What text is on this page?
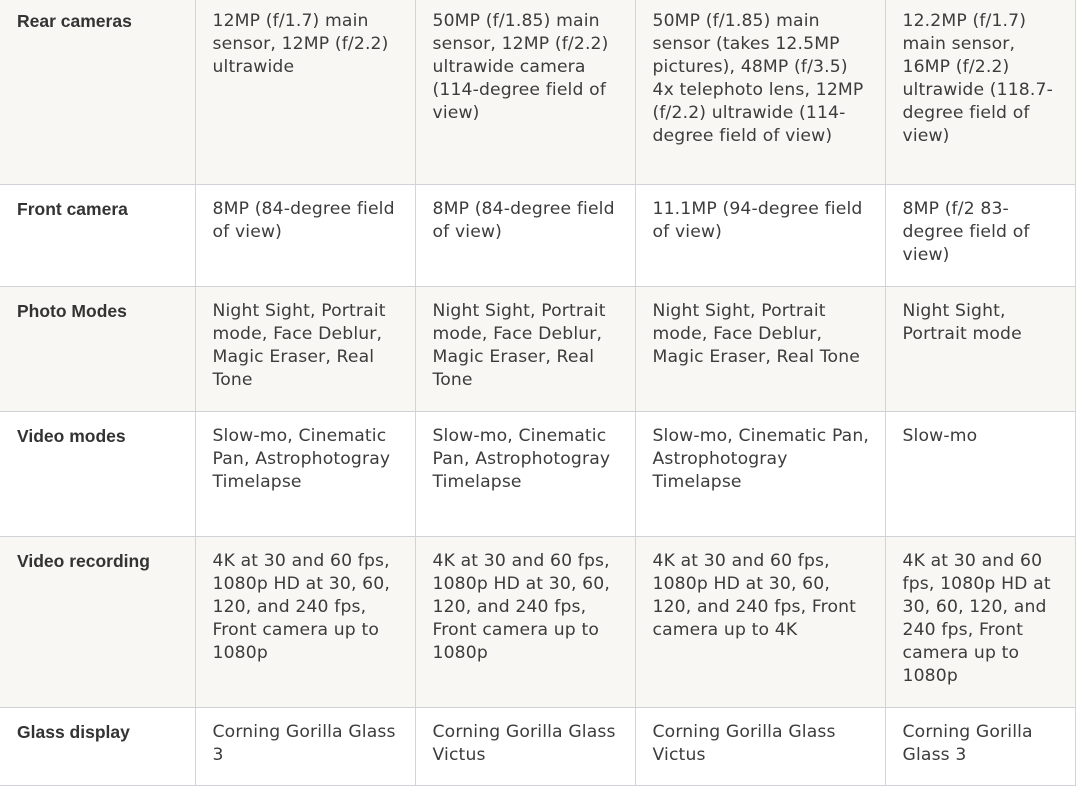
Rear cameras	12MP (f/1.7) main sensor, 12MP (f/2.2) ultrawide	50MP (f/1.85) main sensor, 12MP (f/2.2) ultrawide camera (114-degree field of view)	50MP (f/1.85) main sensor (takes 12.5MP pictures), 48MP (f/3.5) 4x telephoto lens, 12MP (f/2.2) ultrawide (114-degree field of view)	12.2MP (f/1.7) main sensor, 16MP (f/2.2) ultrawide (118.7-degree field of view)
Front camera	8MP (84-degree field of view)	8MP (84-degree field of view)	11.1MP (94-degree field of view)	8MP (f/2 83-degree field of view)
Photo Modes	Night Sight, Portrait mode, Face Deblur, Magic Eraser, Real Tone	Night Sight, Portrait mode, Face Deblur, Magic Eraser, Real Tone	Night Sight, Portrait mode, Face Deblur, Magic Eraser, Real Tone	Night Sight, Portrait mode
Video modes	Slow-mo, Cinematic Pan, Astrophotogray Timelapse	Slow-mo, Cinematic Pan, Astrophotogray Timelapse	Slow-mo, Cinematic Pan, Astrophotogray Timelapse	Slow-mo
Video recording	4K at 30 and 60 fps, 1080p HD at 30, 60, 120, and 240 fps, Front camera up to 1080p	4K at 30 and 60 fps, 1080p HD at 30, 60, 120, and 240 fps, Front camera up to 1080p	4K at 30 and 60 fps, 1080p HD at 30, 60, 120, and 240 fps, Front camera up to 4K	4K at 30 and 60 fps, 1080p HD at 30, 60, 120, and 240 fps, Front camera up to 1080p
Glass display	Corning Gorilla Glass 3	Corning Gorilla Glass Victus	Corning Gorilla Glass Victus	Corning Gorilla Glass 3
